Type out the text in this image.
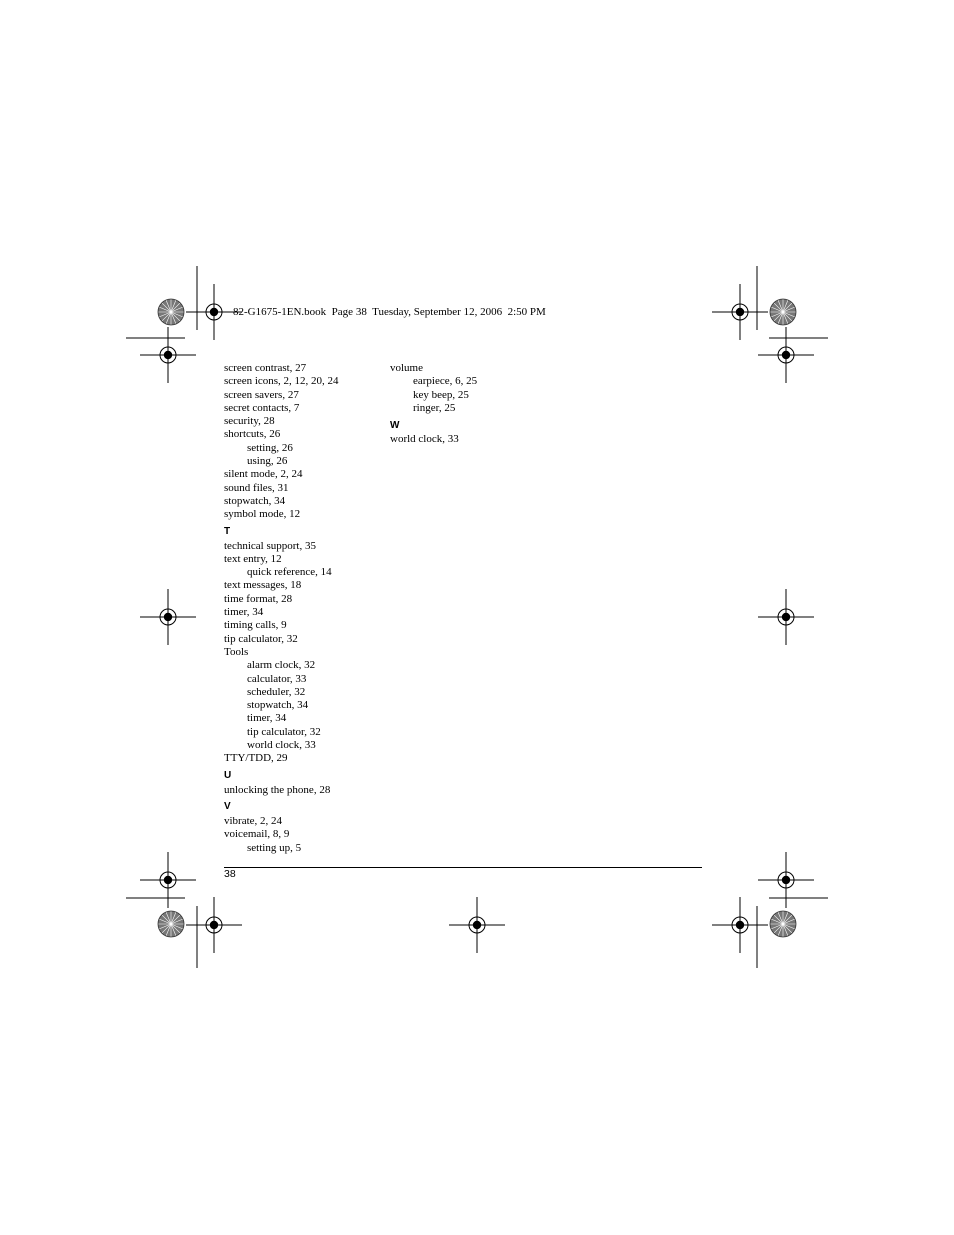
82-G1675-1EN.book  Page 38  Tuesday, September 12, 2006  2:50 PM
screen contrast, 27
screen icons, 2, 12, 20, 24
screen savers, 27
secret contacts, 7
security, 28
shortcuts, 26
setting, 26
using, 26
silent mode, 2, 24
sound files, 31
stopwatch, 34
symbol mode, 12
T
technical support, 35
text entry, 12
quick reference, 14
text messages, 18
time format, 28
timer, 34
timing calls, 9
tip calculator, 32
Tools
alarm clock, 32
calculator, 33
scheduler, 32
stopwatch, 34
timer, 34
tip calculator, 32
world clock, 33
TTY/TDD, 29
U
unlocking the phone, 28
V
vibrate, 2, 24
voicemail, 8, 9
setting up, 5
volume
earpiece, 6, 25
key beep, 25
ringer, 25
W
world clock, 33
38
